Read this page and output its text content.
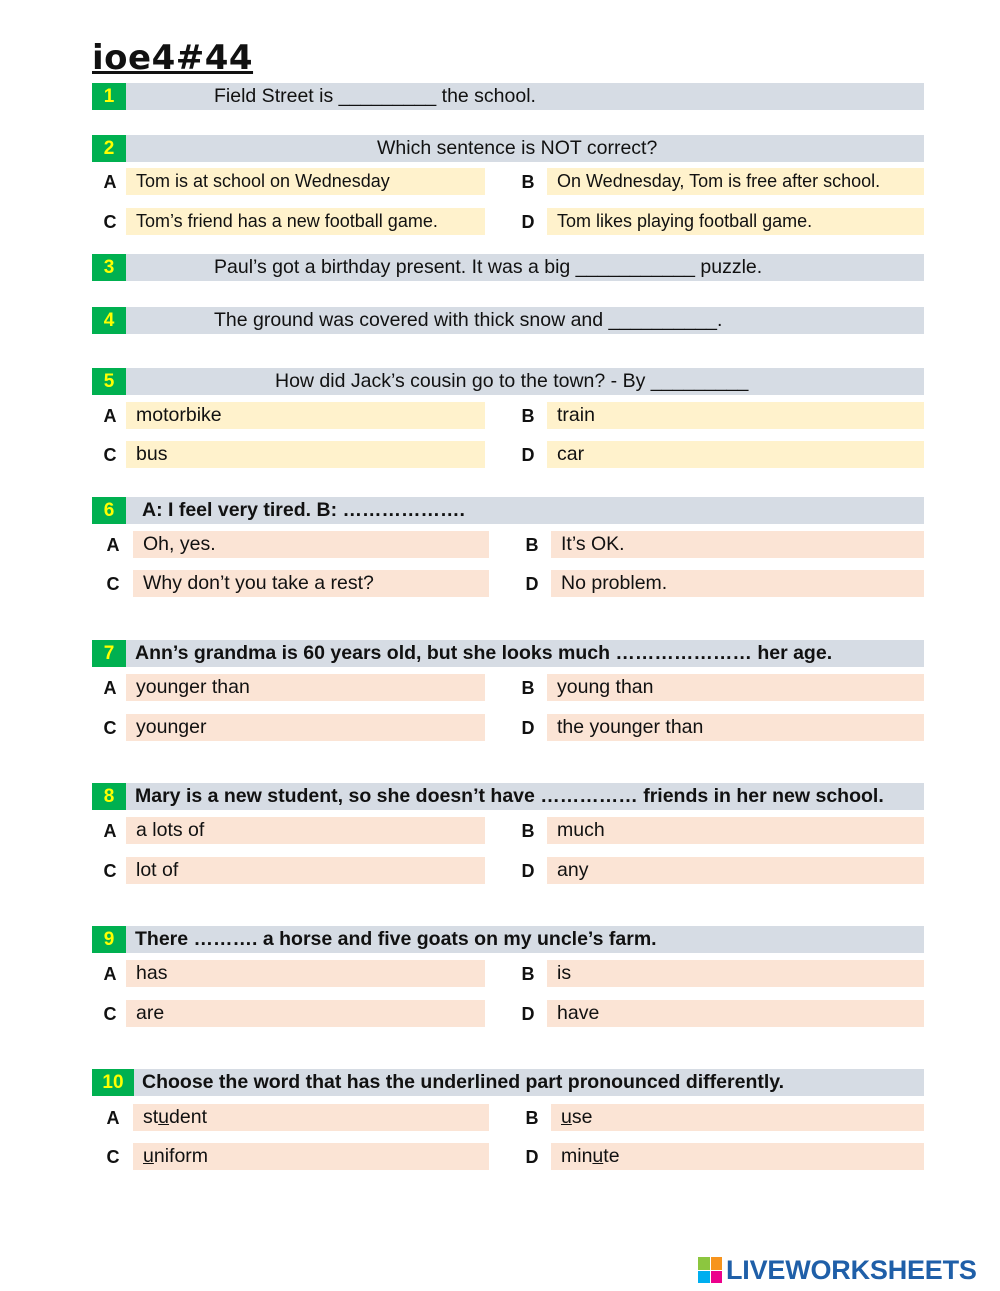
ioe4#44
1	Field Street is _________ the school.
2	Which sentence is NOT correct?
A	Tom is at school on Wednesday	B	On Wednesday, Tom is free after school.
C	Tom’s friend has a new football game.	D	Tom likes playing football game.
3	Paul’s got a birthday present. It was a big ___________ puzzle.
4	The ground was covered with thick snow and __________.
5	How did Jack’s cousin go to the town? - By _________
A	motorbike	B	train
C	bus	D	car
6	A: I feel very tired. B: ……………….
A	Oh, yes.	B	It’s OK.
C	Why don’t you take a rest?	D	No problem.
7	Ann’s grandma is 60 years old, but she looks much ………………… her age.
A	younger than	B	young than
C	younger	D	the younger than
8	Mary is a new student, so she doesn’t have …………… friends in her new school.
A	a lots of	B	much
C	lot of	D	any
9	There ………. a horse and five goats on my uncle’s farm.
A	has	B	is
C	are	D	have
10 Choose the word that has the underlined part pronounced differently.
A	student	B	use
C	uniform	D	minute
LIVEWORKSHEETS
